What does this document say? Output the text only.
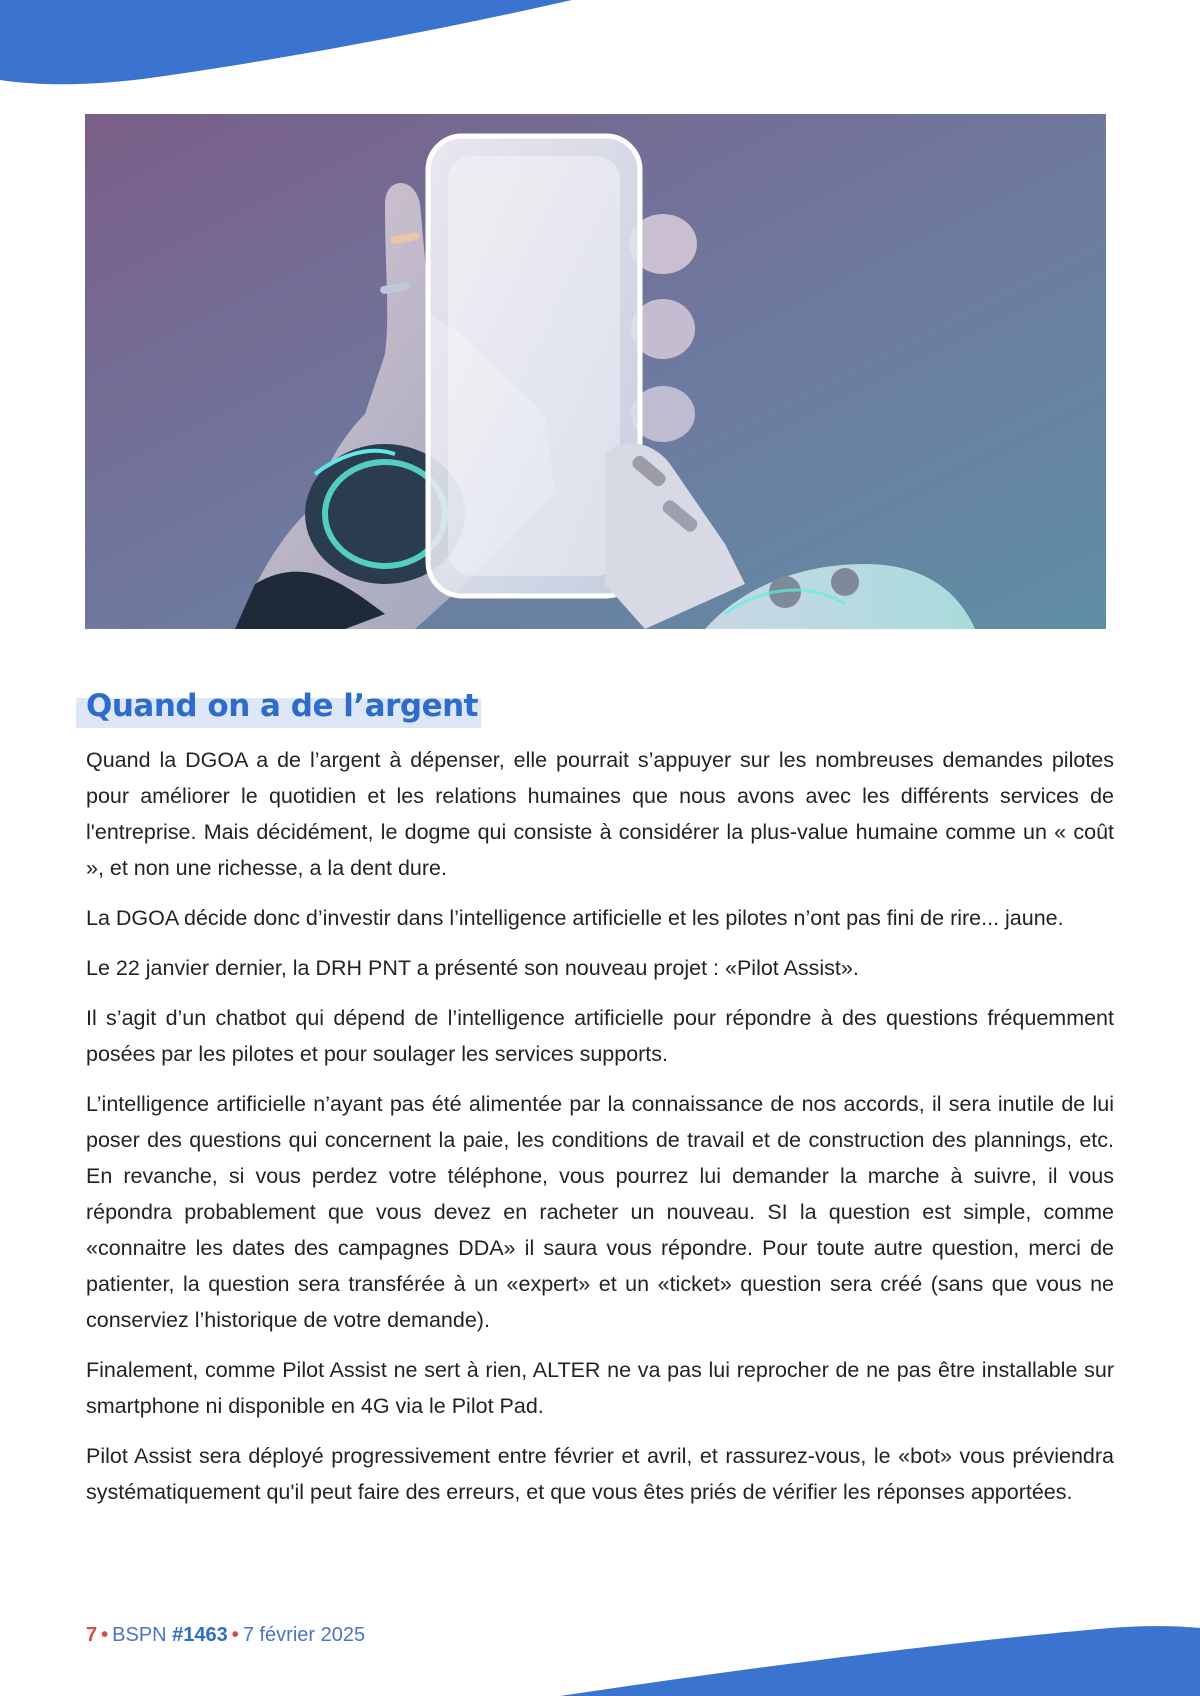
Quand on a de l’argent

Quand la DGOA a de l’argent à dépenser, elle pourrait s’appuyer sur les nombreuses demandes pilotes pour améliorer le quotidien et les relations humaines que nous avons avec les différents services de l'entreprise. Mais décidément, le dogme qui consiste à considérer la plus-value humaine comme un « coût », et non une richesse, a la dent dure.

La DGOA décide donc d’investir dans l’intelligence artificielle et les pilotes n’ont pas fini de rire... jaune.

Le 22 janvier dernier, la DRH PNT a présenté son nouveau projet : «Pilot Assist».

Il s’agit d’un chatbot qui dépend de l’intelligence artificielle pour répondre à des questions fréquemment posées par les pilotes et pour soulager les services supports.

L’intelligence artificielle n’ayant pas été alimentée par la connaissance de nos accords, il sera inutile de lui poser des questions qui concernent la paie, les conditions de travail et de construction des plannings, etc. En revanche, si vous perdez votre téléphone, vous pourrez lui demander la marche à suivre, il vous répondra probablement que vous devez en racheter un nouveau. SI la question est simple, comme «connaitre les dates des campagnes DDA» il saura vous répondre. Pour toute autre question, merci de patienter, la question sera transférée à un «expert» et un «ticket» question sera créé (sans que vous ne conserviez l’historique de votre demande).

Finalement, comme Pilot Assist ne sert à rien, ALTER ne va pas lui reprocher de ne pas être installable sur smartphone ni disponible en 4G via le Pilot Pad.

Pilot Assist sera déployé progressivement entre février et avril, et rassurez-vous, le «bot» vous préviendra systématiquement qu'il peut faire des erreurs, et que vous êtes priés de vérifier les réponses apportées.

7 • BSPN #1463 • 7 février 2025
